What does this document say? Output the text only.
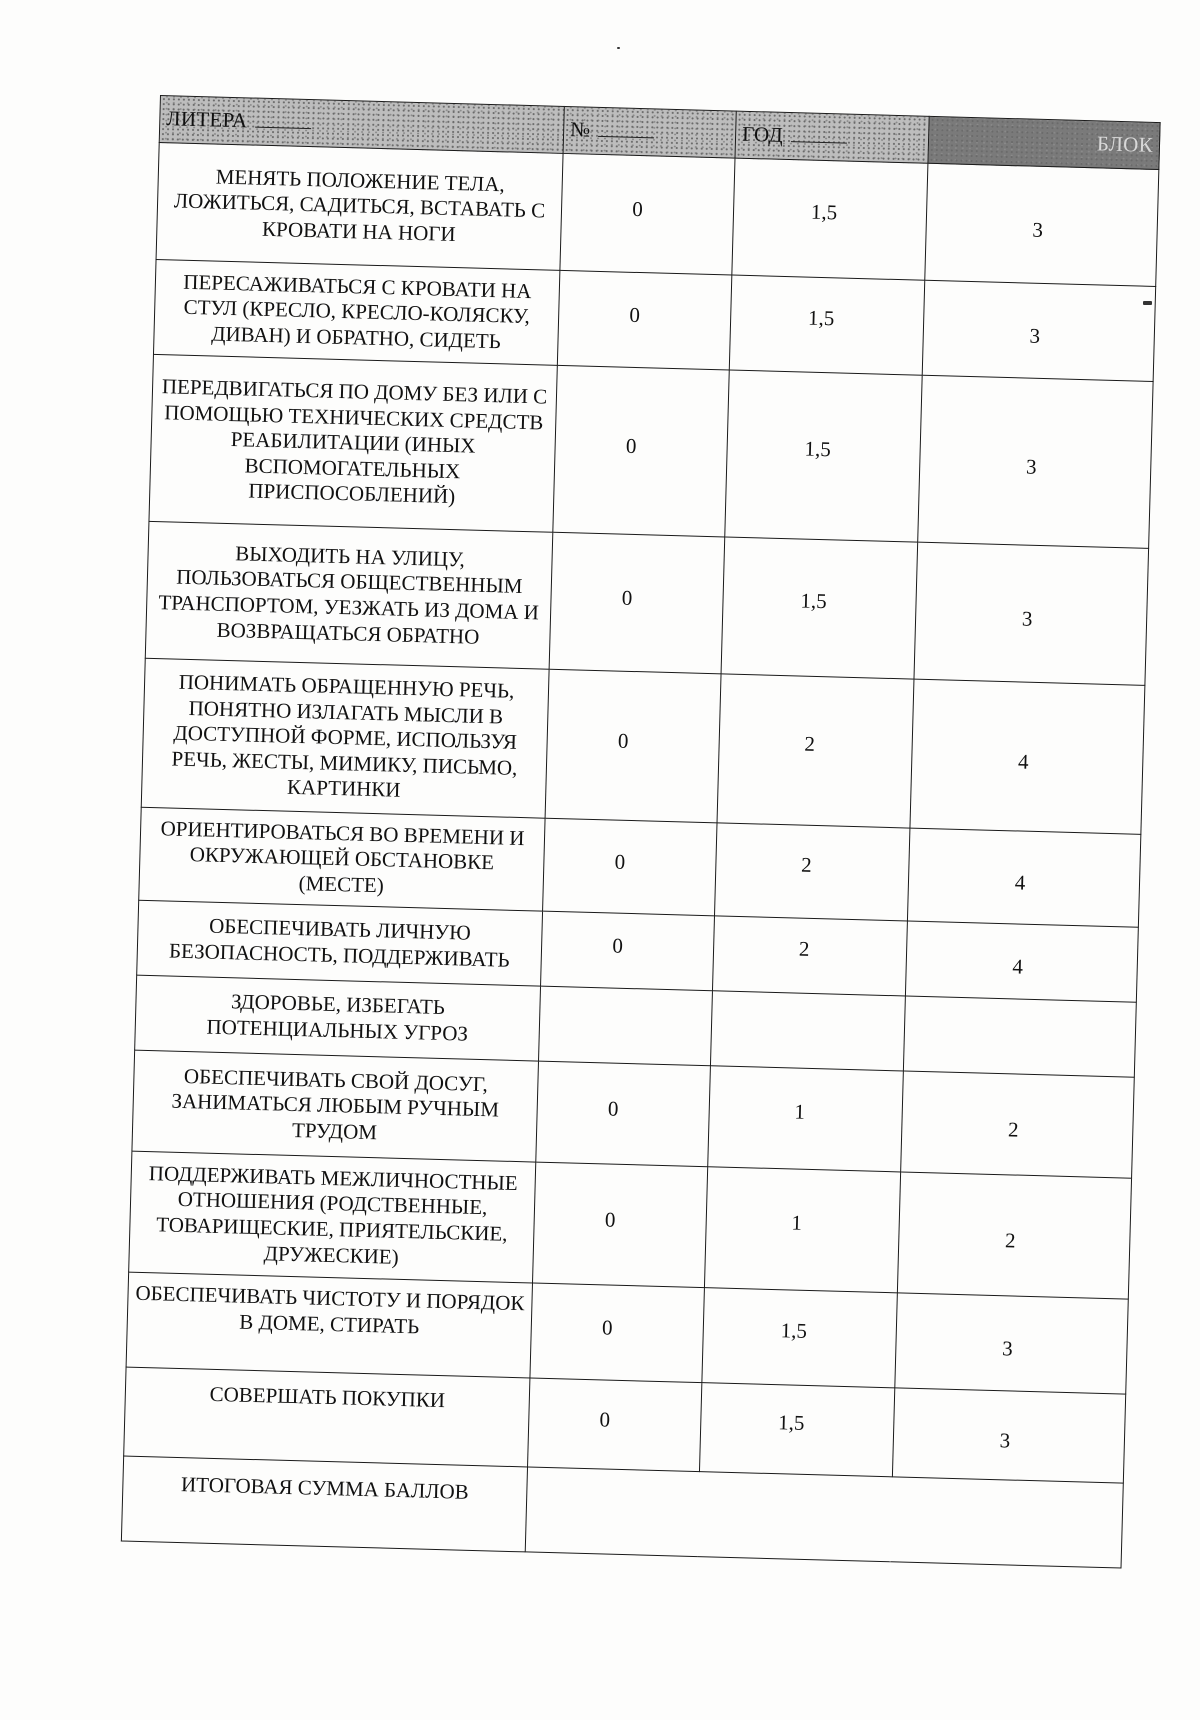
ЛИТЕРА	№	ГОД	БЛОК
МЕНЯТЬ ПОЛОЖЕНИЕ ТЕЛА, ЛОЖИТЬСЯ, САДИТЬСЯ, ВСТАВАТЬ С КРОВАТИ НА НОГИ	0	1,5	3
ПЕРЕСАЖИВАТЬСЯ С КРОВАТИ НА СТУЛ (КРЕСЛО, КРЕСЛО-КОЛЯСКУ, ДИВАН) И ОБРАТНО, СИДЕТЬ	0	1,5	3
ПЕРЕДВИГАТЬСЯ ПО ДОМУ БЕЗ ИЛИ С ПОМОЩЬЮ ТЕХНИЧЕСКИХ СРЕДСТВ РЕАБИЛИТАЦИИ (ИНЫХ ВСПОМОГАТЕЛЬНЫХ ПРИСПОСОБЛЕНИЙ)	0	1,5	3
ВЫХОДИТЬ НА УЛИЦУ, ПОЛЬЗОВАТЬСЯ ОБЩЕСТВЕННЫМ ТРАНСПОРТОМ, УЕЗЖАТЬ ИЗ ДОМА И ВОЗВРАЩАТЬСЯ ОБРАТНО	0	1,5	3
ПОНИМАТЬ ОБРАЩЕННУЮ РЕЧЬ, ПОНЯТНО ИЗЛАГАТЬ МЫСЛИ В ДОСТУПНОЙ ФОРМЕ, ИСПОЛЬЗУЯ РЕЧЬ, ЖЕСТЫ, МИМИКУ, ПИСЬМО, КАРТИНКИ	0	2	4
ОРИЕНТИРОВАТЬСЯ ВО ВРЕМЕНИ И ОКРУЖАЮЩЕЙ ОБСТАНОВКЕ (МЕСТЕ)	0	2	4
ОБЕСПЕЧИВАТЬ ЛИЧНУЮ БЕЗОПАСНОСТЬ, ПОДДЕРЖИВАТЬ	0	2	4
ЗДОРОВЬЕ, ИЗБЕГАТЬ ПОТЕНЦИАЛЬНЫХ УГРОЗ			
ОБЕСПЕЧИВАТЬ СВОЙ ДОСУГ, ЗАНИМАТЬСЯ ЛЮБЫМ РУЧНЫМ ТРУДОМ	0	1	2
ПОДДЕРЖИВАТЬ МЕЖЛИЧНОСТНЫЕ ОТНОШЕНИЯ (РОДСТВЕННЫЕ, ТОВАРИЩЕСКИЕ, ПРИЯТЕЛЬСКИЕ, ДРУЖЕСКИЕ)	0	1	2
ОБЕСПЕЧИВАТЬ ЧИСТОТУ И ПОРЯДОК В ДОМЕ, СТИРАТЬ	0	1,5	3
СОВЕРШАТЬ ПОКУПКИ	0	1,5	3
ИТОГОВАЯ СУММА БАЛЛОВ			
